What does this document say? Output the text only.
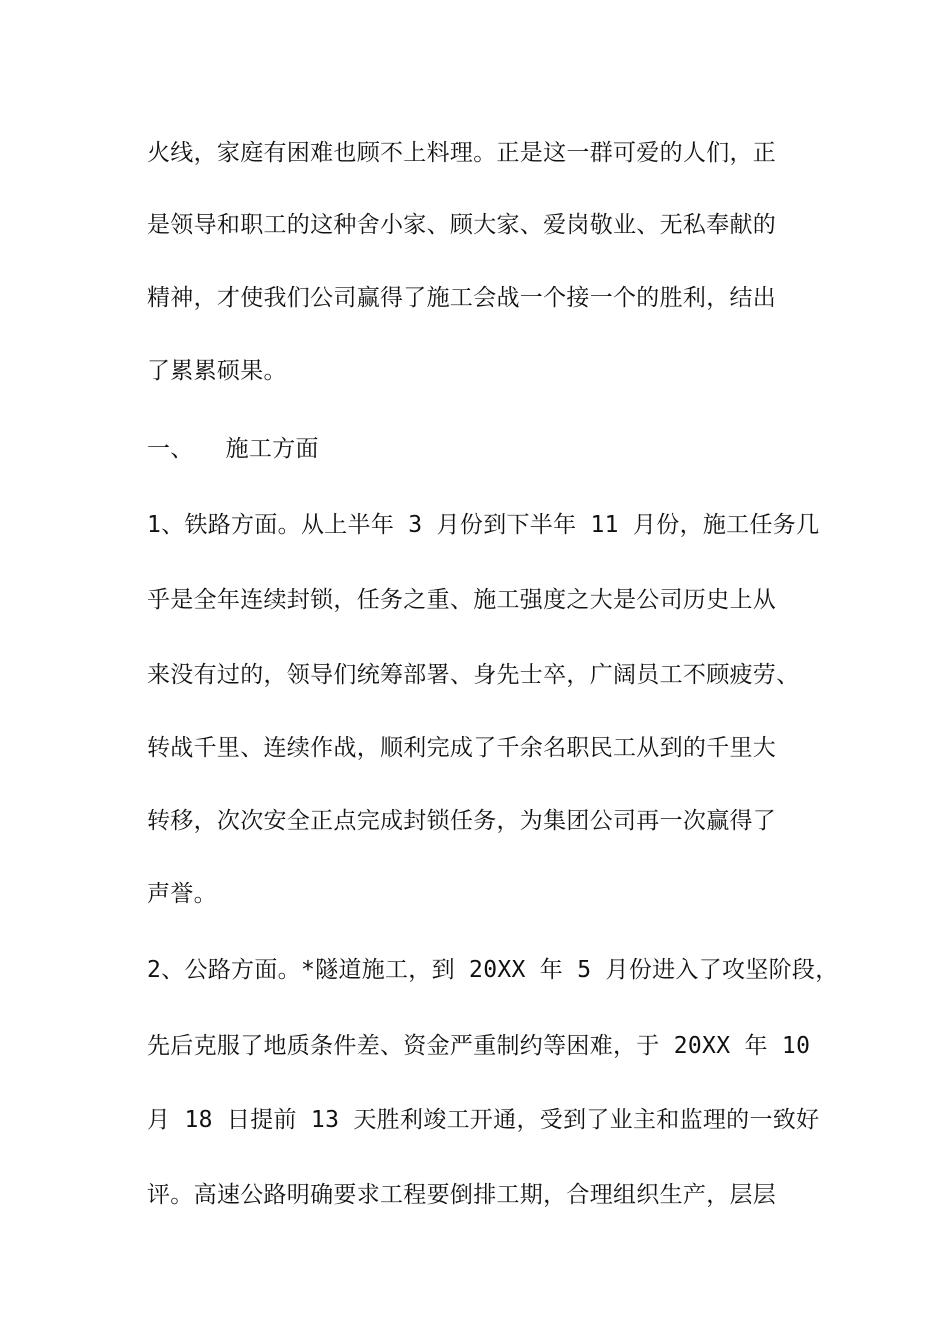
火线，家庭有困难也顾不上料理。正是这一群可爱的人们，正
是领导和职工的这种舍小家、顾大家、爱岗敬业、无私奉献的
精神，才使我们公司赢得了施工会战一个接一个的胜利，结出
了累累硕果。
一、 施工方面
1、铁路方面。从上半年 3 月份到下半年 11 月份，施工任务几
乎是全年连续封锁，任务之重、施工强度之大是公司历史上从
来没有过的，领导们统筹部署、身先士卒，广阔员工不顾疲劳、
转战千里、连续作战，顺利完成了千余名职民工从到的千里大
转移，次次安全正点完成封锁任务，为集团公司再一次赢得了
声誉。
2、公路方面。*隧道施工，到 20XX 年 5 月份进入了攻坚阶段，
先后克服了地质条件差、资金严重制约等困难，于 20XX 年 10
月 18 日提前 13 天胜利竣工开通，受到了业主和监理的一致好
评。高速公路明确要求工程要倒排工期，合理组织生产，层层
